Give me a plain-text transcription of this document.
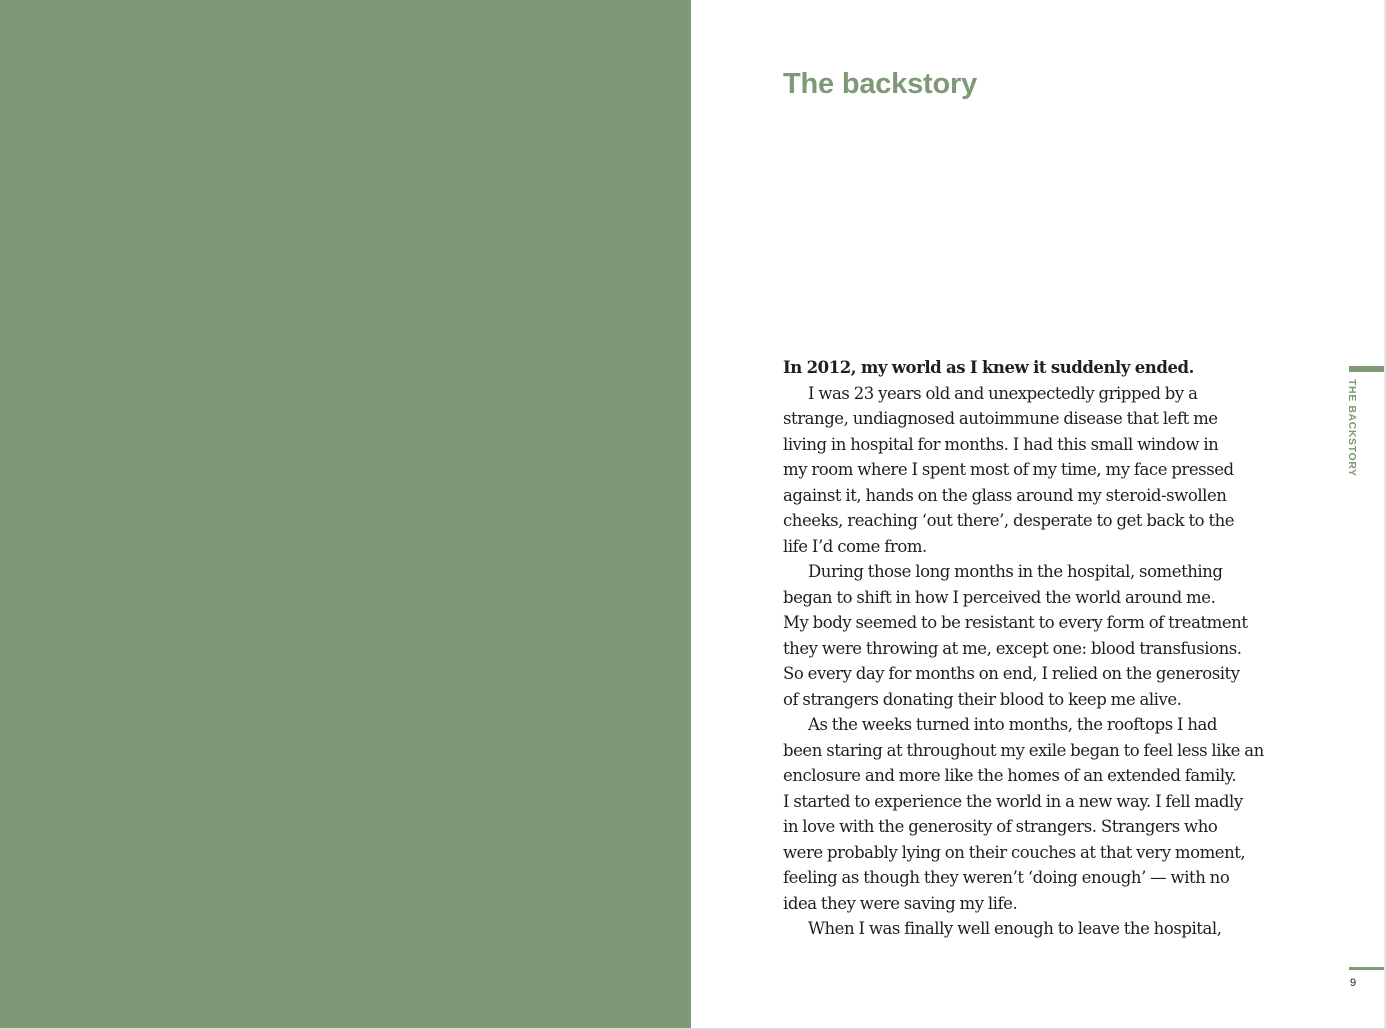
The backstory

In 2012, my world as I knew it suddenly ended.

I was 23 years old and unexpectedly gripped by a

strange, undiagnosed autoimmune disease that left me

living in hospital for months. I had this small window in

my room where I spent most of my time, my face pressed

against it, hands on the glass around my steroid-swollen

cheeks, reaching ‘out there’, desperate to get back to the

life I’d come from.

During those long months in the hospital, something

began to shift in how I perceived the world around me.

My body seemed to be resistant to every form of treatment

they were throwing at me, except one: blood transfusions.

So every day for months on end, I relied on the generosity

of strangers donating their blood to keep me alive.

As the weeks turned into months, the rooftops I had

been staring at throughout my exile began to feel less like an

enclosure and more like the homes of an extended family.

I started to experience the world in a new way. I fell madly

in love with the generosity of strangers. Strangers who

were probably lying on their couches at that very moment,

feeling as though they weren’t ‘doing enough’ — with no

idea they were saving my life.

When I was finally well enough to leave the hospital,

THE BACKSTORY
9
